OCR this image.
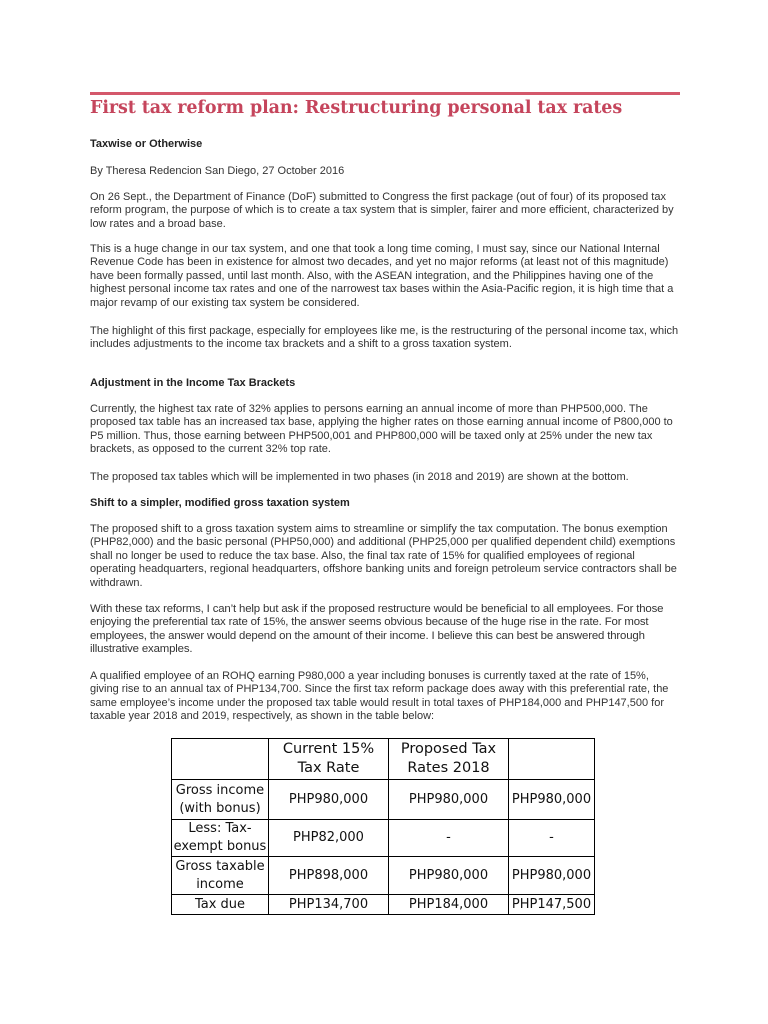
First tax reform plan: Restructuring personal tax rates

Taxwise or Otherwise

By Theresa Redencion San Diego, 27 October 2016

On 26 Sept., the Department of Finance (DoF) submitted to Congress the first package (out of four) of its proposed tax reform program, the purpose of which is to create a tax system that is simpler, fairer and more efficient, characterized by low rates and a broad base.

This is a huge change in our tax system, and one that took a long time coming, I must say, since our National Internal Revenue Code has been in existence for almost two decades, and yet no major reforms (at least not of this magnitude) have been formally passed, until last month. Also, with the ASEAN integration, and the Philippines having one of the highest personal income tax rates and one of the narrowest tax bases within the Asia-Pacific region, it is high time that a major revamp of our existing tax system be considered.

The highlight of this first package, especially for employees like me, is the restructuring of the personal income tax, which includes adjustments to the income tax brackets and a shift to a gross taxation system.

Adjustment in the Income Tax Brackets

Currently, the highest tax rate of 32% applies to persons earning an annual income of more than PHP500,000. The proposed tax table has an increased tax base, applying the higher rates on those earning annual income of P800,000 to P5 million. Thus, those earning between PHP500,001 and PHP800,000 will be taxed only at 25% under the new tax brackets, as opposed to the current 32% top rate.

The proposed tax tables which will be implemented in two phases (in 2018 and 2019) are shown at the bottom.

Shift to a simpler, modified gross taxation system

The proposed shift to a gross taxation system aims to streamline or simplify the tax computation. The bonus exemption (PHP82,000) and the basic personal (PHP50,000) and additional (PHP25,000 per qualified dependent child) exemptions shall no longer be used to reduce the tax base. Also, the final tax rate of 15% for qualified employees of regional operating headquarters, regional headquarters, offshore banking units and foreign petroleum service contractors shall be withdrawn.

With these tax reforms, I can’t help but ask if the proposed restructure would be beneficial to all employees. For those enjoying the preferential tax rate of 15%, the answer seems obvious because of the huge rise in the rate. For most employees, the answer would depend on the amount of their income. I believe this can best be answered through illustrative examples.

A qualified employee of an ROHQ earning P980,000 a year including bonuses is currently taxed at the rate of 15%, giving rise to an annual tax of PHP134,700. Since the first tax reform package does away with this preferential rate, the same employee’s income under the proposed tax table would result in total taxes of PHP184,000 and PHP147,500 for taxable year 2018 and 2019, respectively, as shown in the table below:

	Current 15% Tax Rate	Proposed Tax Rates 2018	
Gross income (with bonus)	PHP980,000	PHP980,000	PHP980,000
Less: Tax-exempt bonus	PHP82,000	-	-
Gross taxable income	PHP898,000	PHP980,000	PHP980,000
Tax due	PHP134,700	PHP184,000	PHP147,500
